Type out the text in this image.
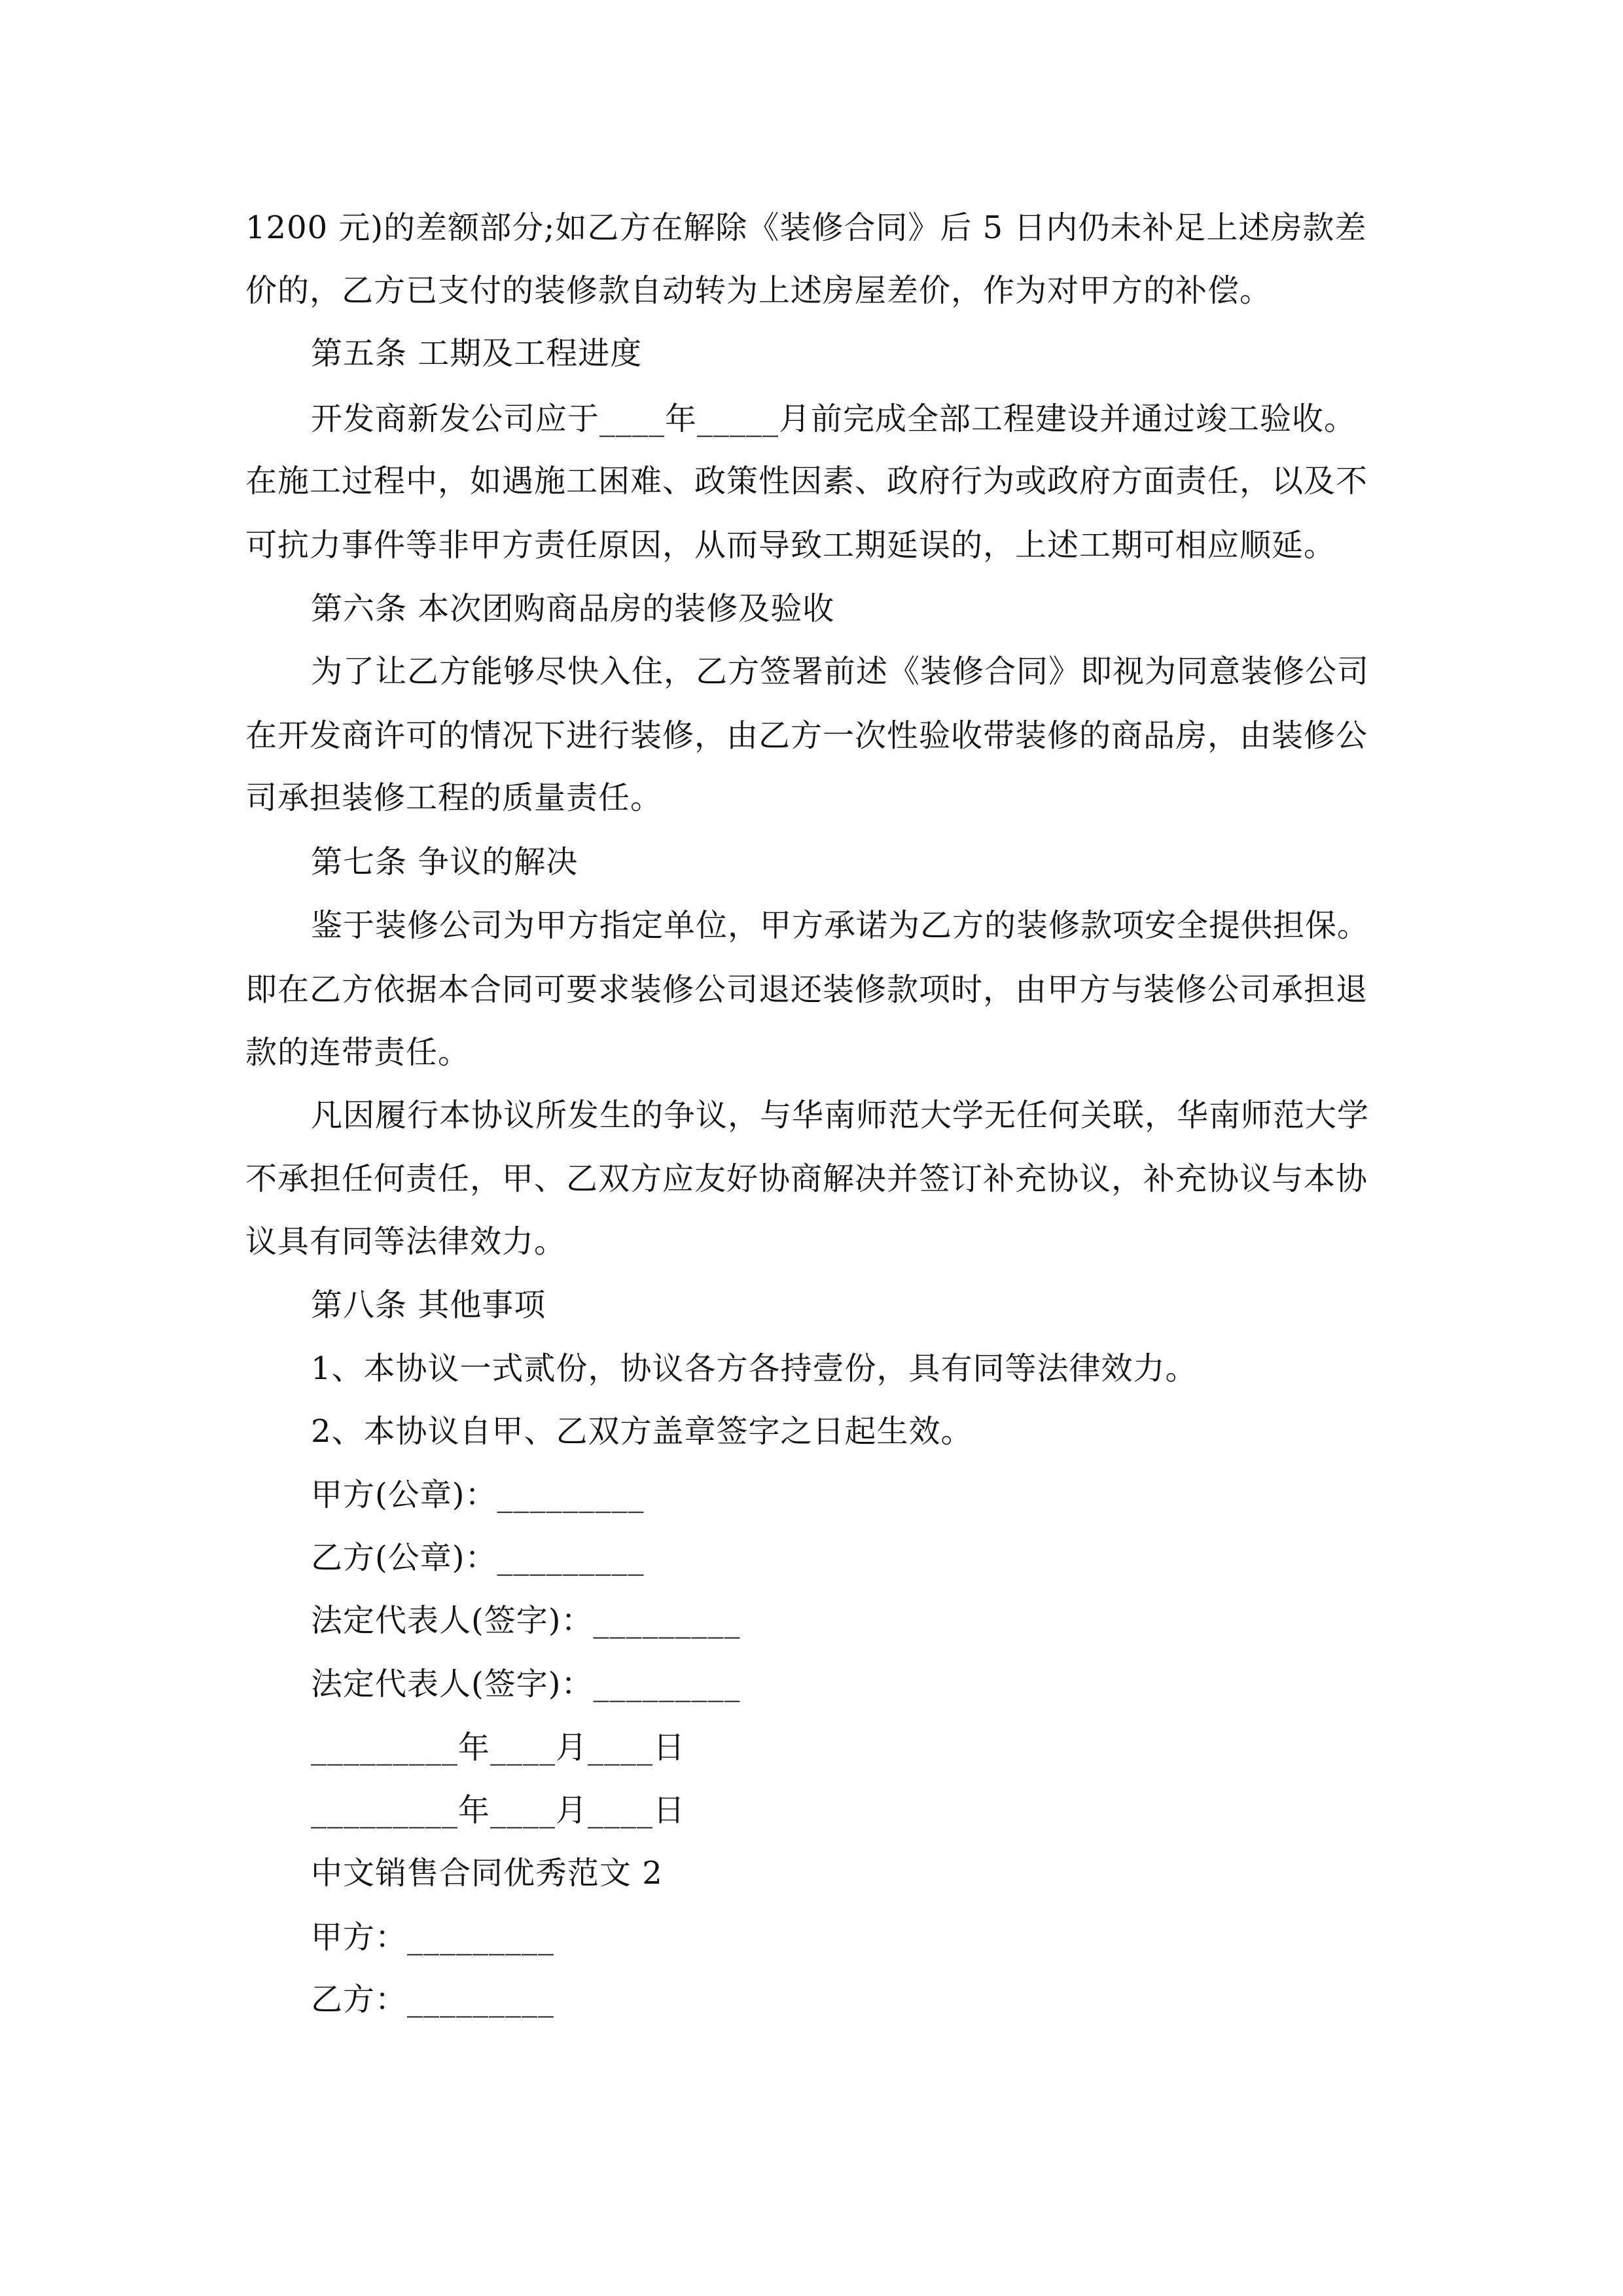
1200 元)的差额部分;如乙方在解除《装修合同》后 5 日内仍未补足上述房款差
价的，乙方已支付的装修款自动转为上述房屋差价，作为对甲方的补偿。
第五条 工期及工程进度
开发商新发公司应于____年_____月前完成全部工程建设并通过竣工验收。
在施工过程中，如遇施工困难、政策性因素、政府行为或政府方面责任，以及不
可抗力事件等非甲方责任原因，从而导致工期延误的，上述工期可相应顺延。
第六条 本次团购商品房的装修及验收
为了让乙方能够尽快入住，乙方签署前述《装修合同》即视为同意装修公司
在开发商许可的情况下进行装修，由乙方一次性验收带装修的商品房，由装修公
司承担装修工程的质量责任。
第七条 争议的解决
鉴于装修公司为甲方指定单位，甲方承诺为乙方的装修款项安全提供担保。
即在乙方依据本合同可要求装修公司退还装修款项时，由甲方与装修公司承担退
款的连带责任。
凡因履行本协议所发生的争议，与华南师范大学无任何关联，华南师范大学
不承担任何责任，甲、乙双方应友好协商解决并签订补充协议，补充协议与本协
议具有同等法律效力。
第八条 其他事项
1、本协议一式贰份，协议各方各持壹份，具有同等法律效力。
2、本协议自甲、乙双方盖章签字之日起生效。
甲方(公章)：_________
乙方(公章)：_________
法定代表人(签字)：_________
法定代表人(签字)：_________
_________年____月____日
_________年____月____日
中文销售合同优秀范文 2
甲方：_________
乙方：_________
